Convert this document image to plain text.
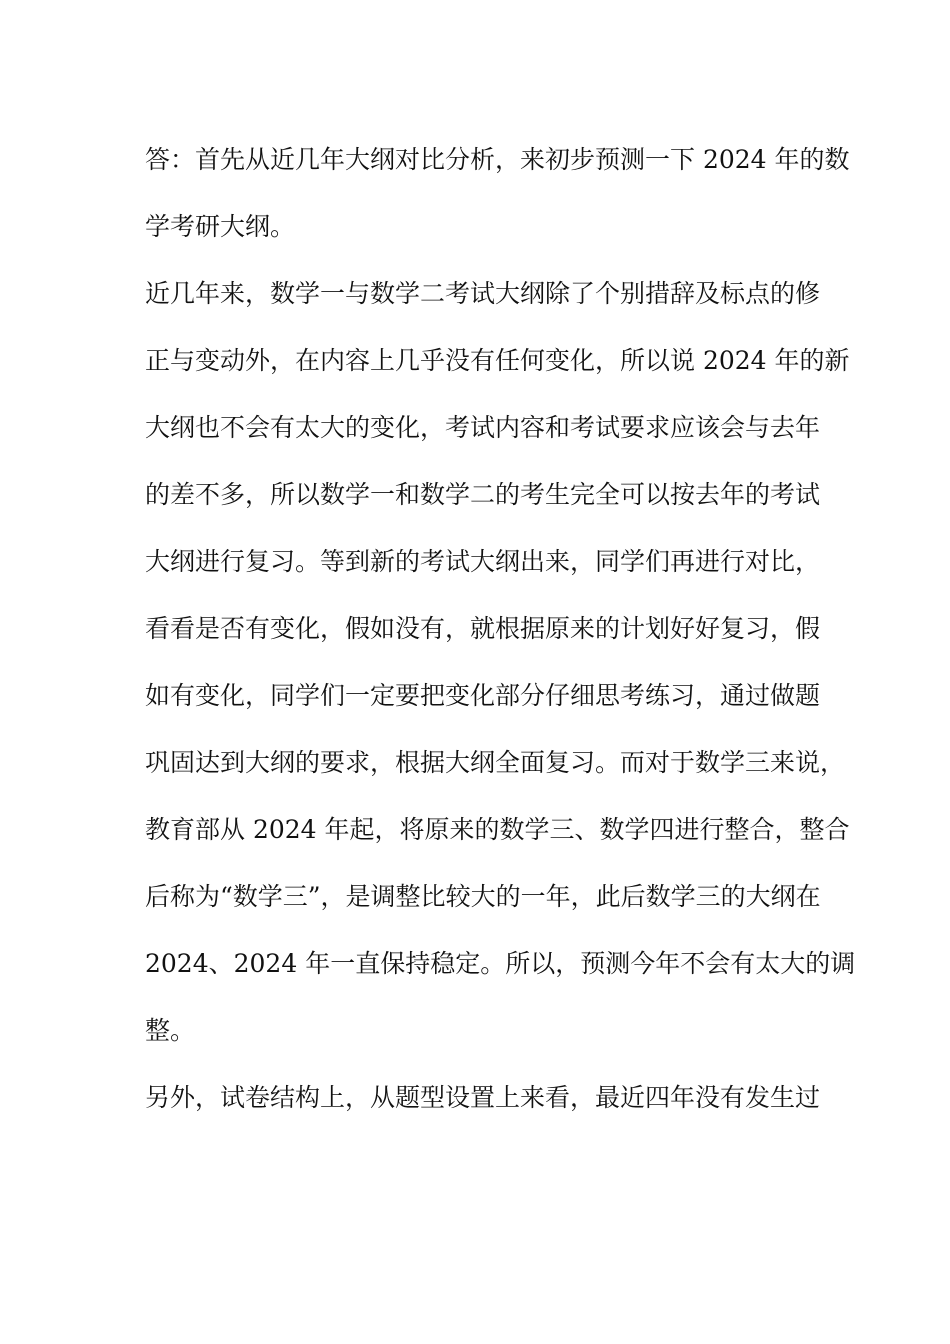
答：首先从近几年大纲对比分析，来初步预测一下 2024 年的数
学考研大纲。
近几年来，数学一与数学二考试大纲除了个别措辞及标点的修
正与变动外，在内容上几乎没有任何变化，所以说 2024 年的新
大纲也不会有太大的变化，考试内容和考试要求应该会与去年
的差不多，所以数学一和数学二的考生完全可以按去年的考试
大纲进行复习。等到新的考试大纲出来，同学们再进行对比，
看看是否有变化，假如没有，就根据原来的计划好好复习，假
如有变化，同学们一定要把变化部分仔细思考练习，通过做题
巩固达到大纲的要求，根据大纲全面复习。而对于数学三来说，
教育部从 2024 年起，将原来的数学三、数学四进行整合，整合
后称为“数学三”，是调整比较大的一年，此后数学三的大纲在
2024、2024 年一直保持稳定。所以，预测今年不会有太大的调
整。
另外，试卷结构上，从题型设置上来看，最近四年没有发生过
